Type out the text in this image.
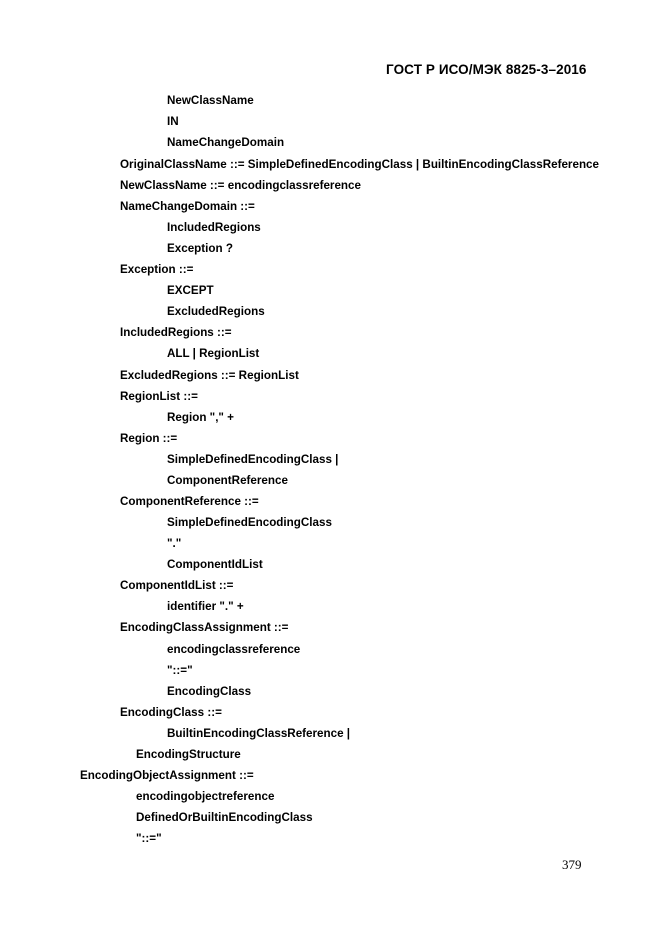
ГОСТ Р ИСО/МЭК 8825-3–2016
NewClassName
IN
NameChangeDomain
OriginalClassName ::= SimpleDefinedEncodingClass | BuiltinEncodingClassReference
NewClassName ::= encodingclassreference
NameChangeDomain ::=
IncludedRegions
Exception ?
Exception ::=
EXCEPT
ExcludedRegions
IncludedRegions ::=
ALL | RegionList
ExcludedRegions ::= RegionList
RegionList ::=
Region "," +
Region ::=
SimpleDefinedEncodingClass |
ComponentReference
ComponentReference ::=
SimpleDefinedEncodingClass
"."
ComponentIdList
ComponentIdList ::=
identifier "." +
EncodingClassAssignment ::=
encodingclassreference
"::="
EncodingClass
EncodingClass ::=
BuiltinEncodingClassReference |
EncodingStructure
EncodingObjectAssignment ::=
encodingobjectreference
DefinedOrBuiltinEncodingClass
"::="
379
